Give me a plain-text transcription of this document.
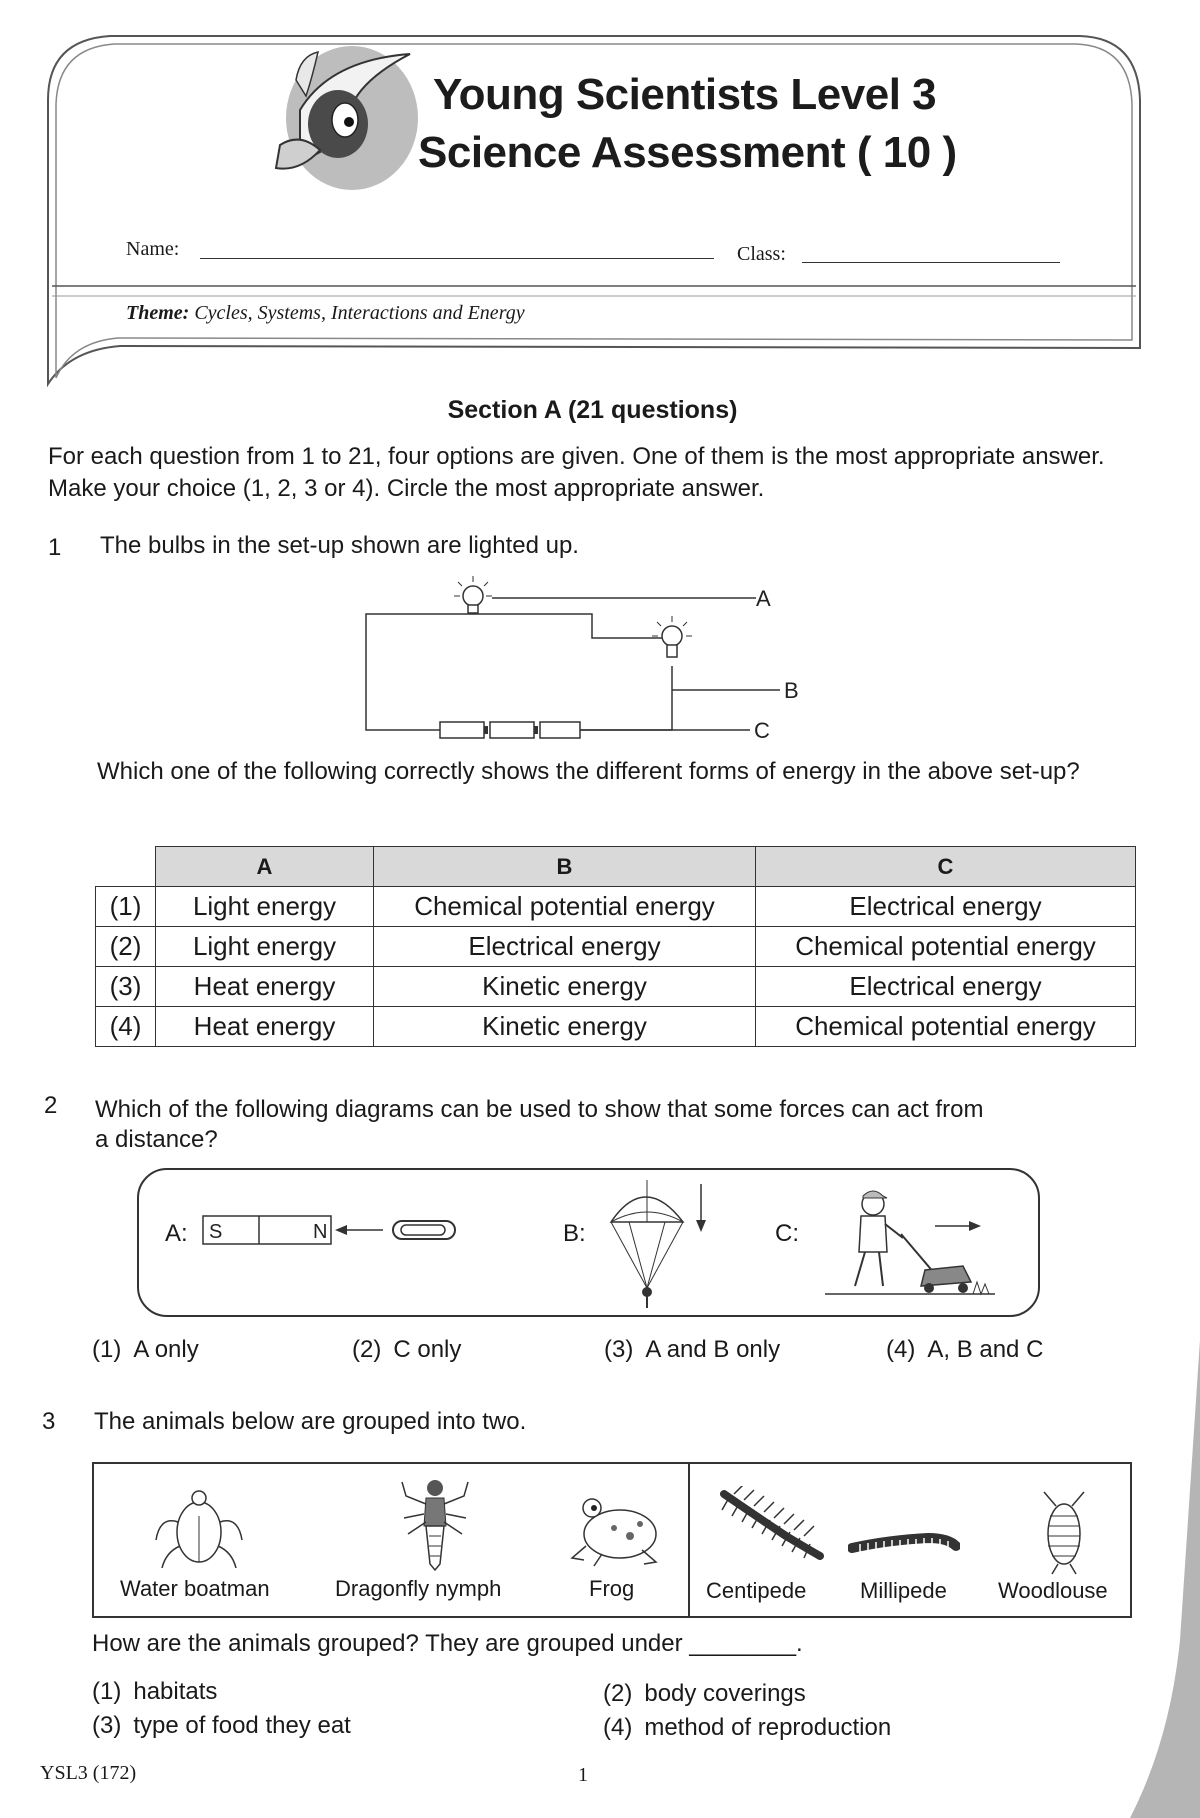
Young Scientists Level 3
Science Assessment ( 10 )
Name:	Class:
Theme: Cycles, Systems, Interactions and Energy
Section A (21 questions)
For each question from 1 to 21, four options are given. One of them is the most appropriate answer. Make your choice (1, 2, 3 or 4). Circle the most appropriate answer.
1 The bulbs in the set-up shown are lighted up.
A
B
C
Which one of the following correctly shows the different forms of energy in the above set-up?
	A	B	C
(1)	Light energy	Chemical potential energy	Electrical energy
(2)	Light energy	Electrical energy	Chemical potential energy
(3)	Heat energy	Kinetic energy	Electrical energy
(4)	Heat energy	Kinetic energy	Chemical potential energy
2 Which of the following diagrams can be used to show that some forces can act from
a distance?
A: S	N	B:	C:
(1) A only	(2) C only	(3) A and B only	(4) A, B and C
3 The animals below are grouped into two.
Water boatman	Dragonfly nymph	Frog	Centipede Millipede Woodlouse
How are the animals grouped? They are grouped under ________.
(1) habitats	(2) body coverings
(3) type of food they eat	(4) method of reproduction
YSL3 (172)	1
